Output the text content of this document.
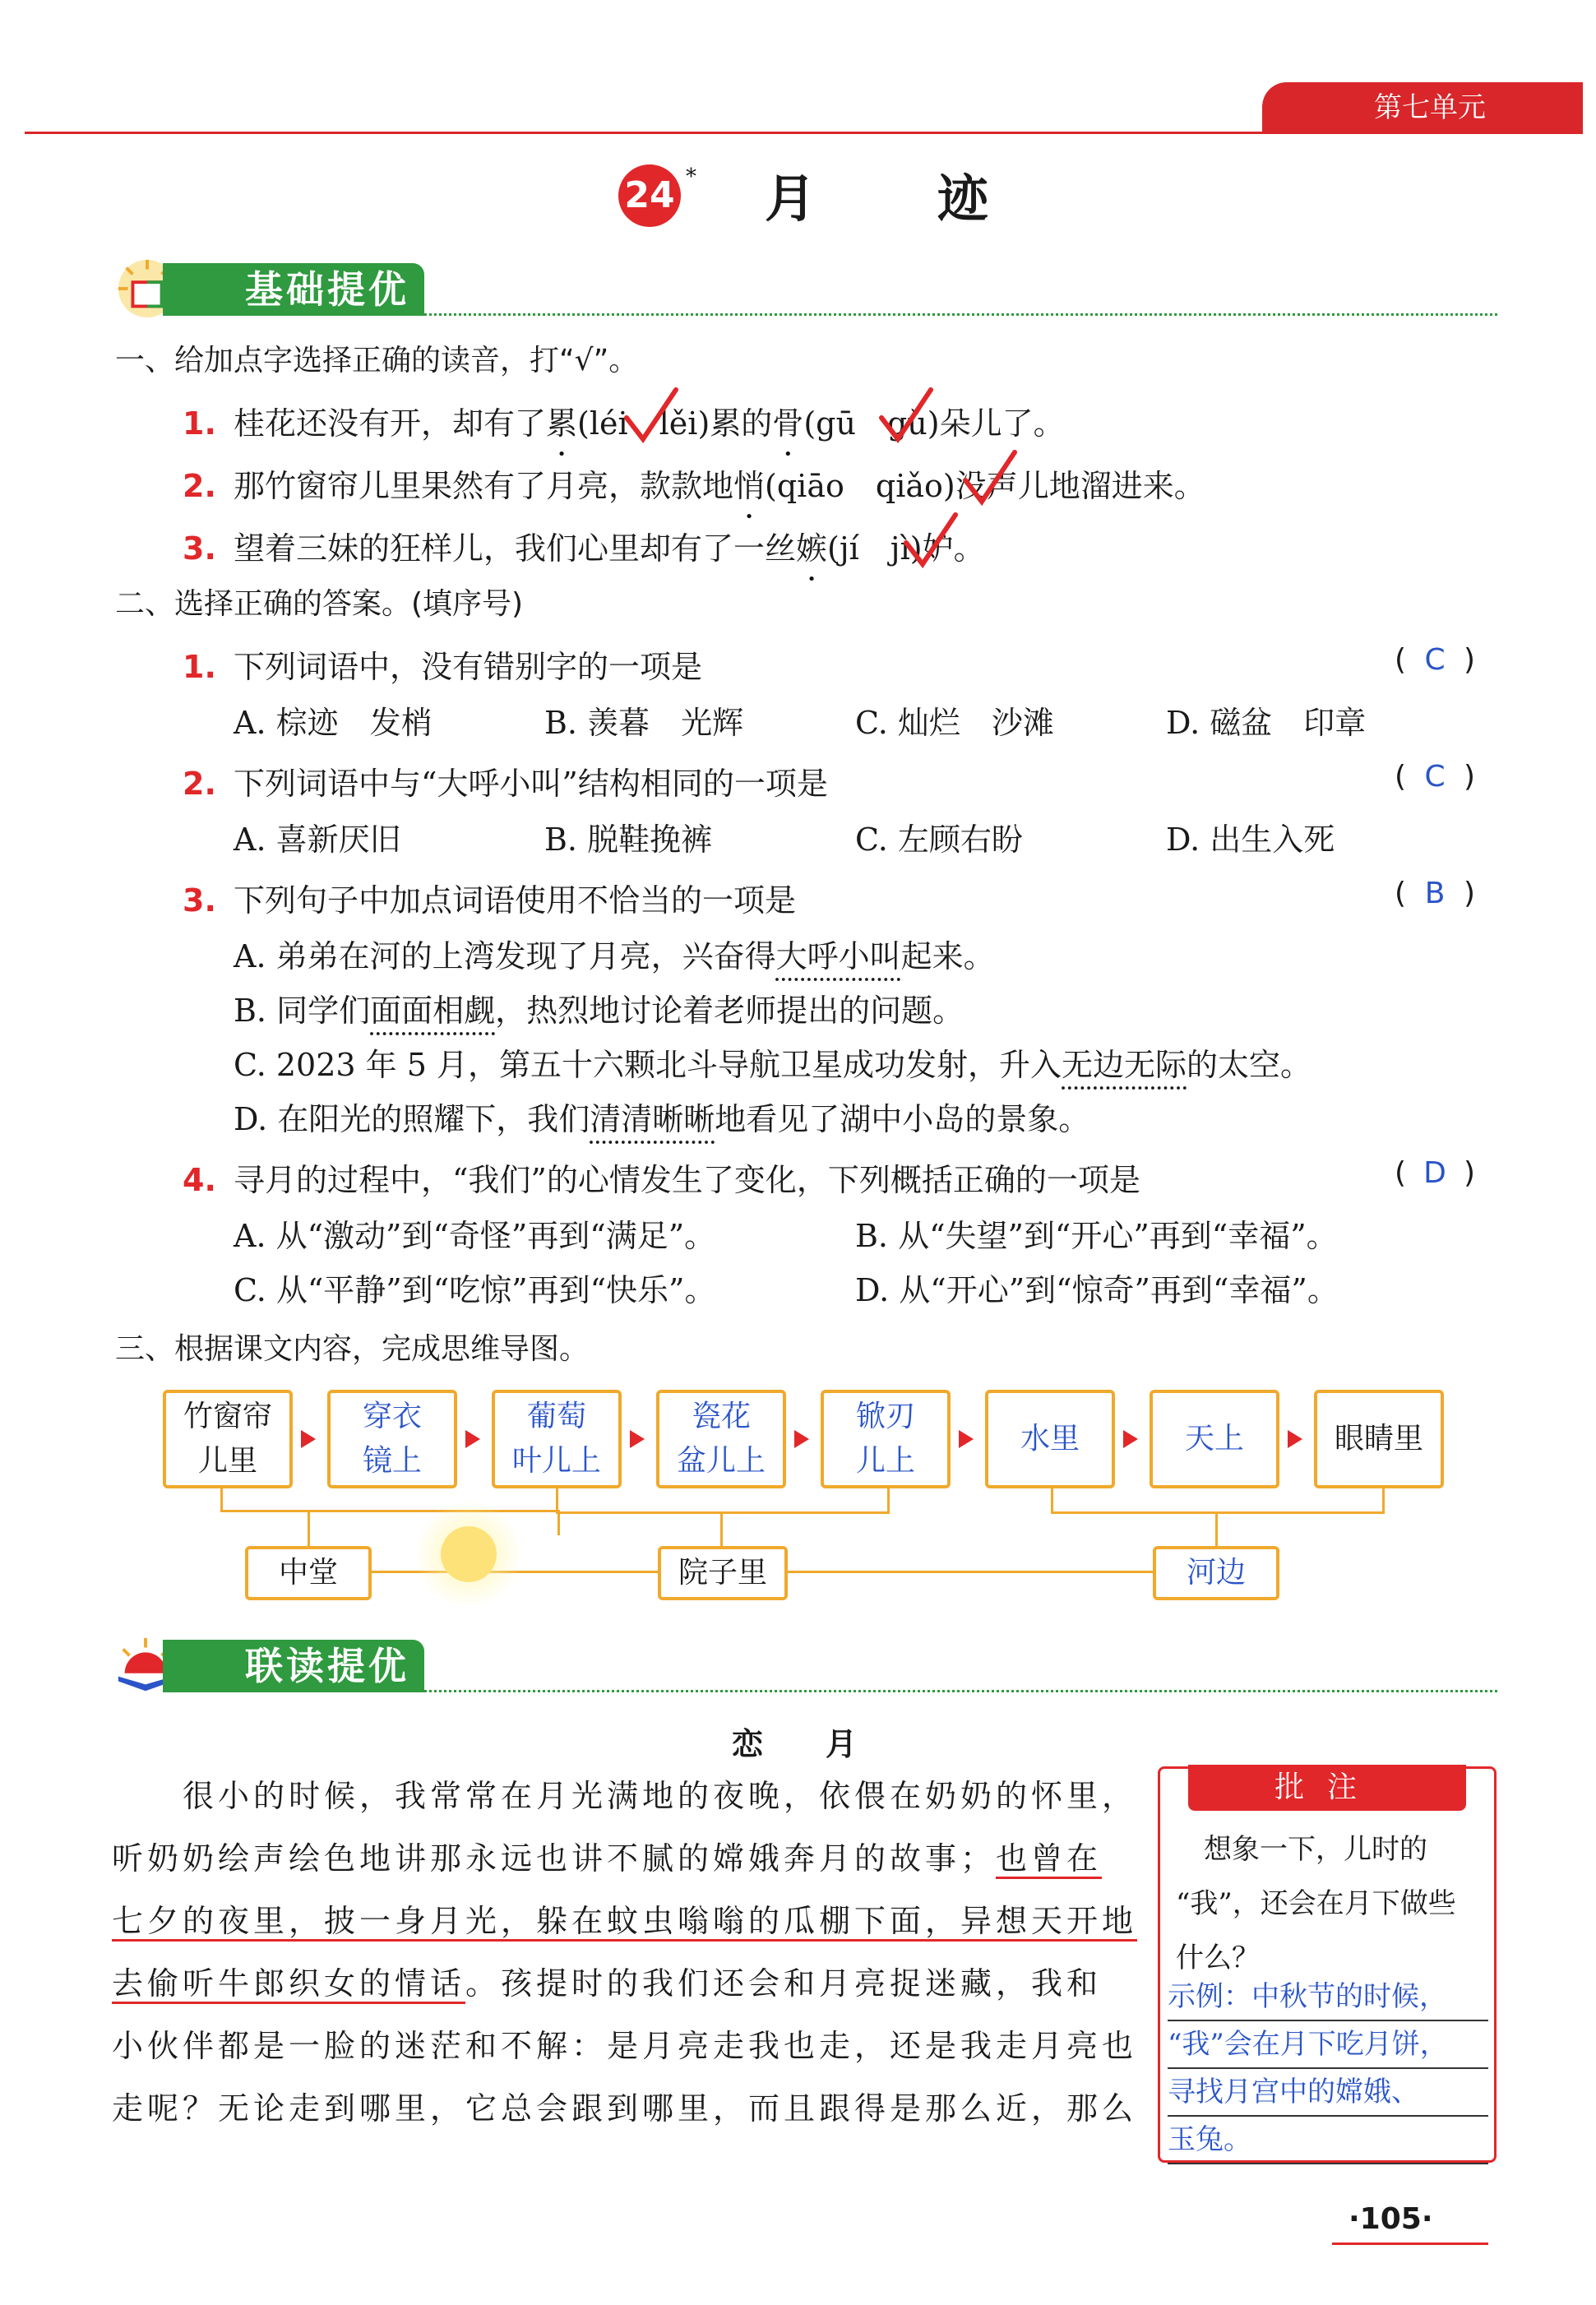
第七单元
24 * 月迹
基础提优
一、给加点字选择正确的读音，打“√”。
1. 桂花还没有开，却有了累(léi　 lěi)累的骨(gū　 gǔ)朵儿了。
2. 那竹窗帘儿里果然有了月亮，款款地悄(qiāo　 qiǎo)没声儿地溜进来。
3. 望着三妹的狂样儿，我们心里却有了一丝嫉(jí　 jì)妒。
二、选择正确的答案。(填序号)
1. 下列词语中，没有错别字的一项是	( C )
A. 棕迹　发梢	B. 羡暮　光辉	C. 灿烂　沙滩	D. 磁盆　印章
2. 下列词语中与“大呼小叫”结构相同的一项是	( C )
A. 喜新厌旧	B. 脱鞋挽裤	C. 左顾右盼	D. 出生入死
3. 下列句子中加点词语使用不恰当的一项是	( B )
A. 弟弟在河的上湾发现了月亮，兴奋得大呼小叫起来。
B. 同学们面面相觑，热烈地讨论着老师提出的问题。
C. 2023 年 5 月，第五十六颗北斗导航卫星成功发射，升入无边无际的太空。
D. 在阳光的照耀下，我们清清晰晰地看见了湖中小岛的景象。
4. 寻月的过程中，“我们”的心情发生了变化，下列概括正确的一项是	( D )
A. 从“激动”到“奇怪”再到“满足”。	B. 从“失望”到“开心”再到“幸福”。
C. 从“平静”到“吃惊”再到“快乐”。	D. 从“开心”到“惊奇”再到“幸福”。
三、根据课文内容，完成思维导图。
竹窗帘
儿里
穿衣
镜上
葡萄
叶儿上
瓷花
盆儿上
锨刃
儿上
水里	天上	眼睛里
中堂	院子里	河边
联读提优
恋　　月
　　很小的时候，我常常在月光满地的夜晚，依偎在奶奶的怀里，
听奶奶绘声绘色地讲那永远也讲不腻的嫦娥奔月的故事；也曾在
七夕的夜里，披一身月光，躲在蚊虫嗡嗡的瓜棚下面，异想天开地
去偷听牛郎织女的情话。孩提时的我们还会和月亮捉迷藏，我和
小伙伴都是一脸的迷茫和不解：是月亮走我也走，还是我走月亮也
走呢？无论走到哪里，它总会跟到哪里，而且跟得是那么近，那么
批注
　想象一下，儿时的
“我”，还会在月下做些
什么？
示例：中秋节的时候，
“我”会在月下吃月饼，
寻找月宫中的嫦娥、
玉兔。
·105·
